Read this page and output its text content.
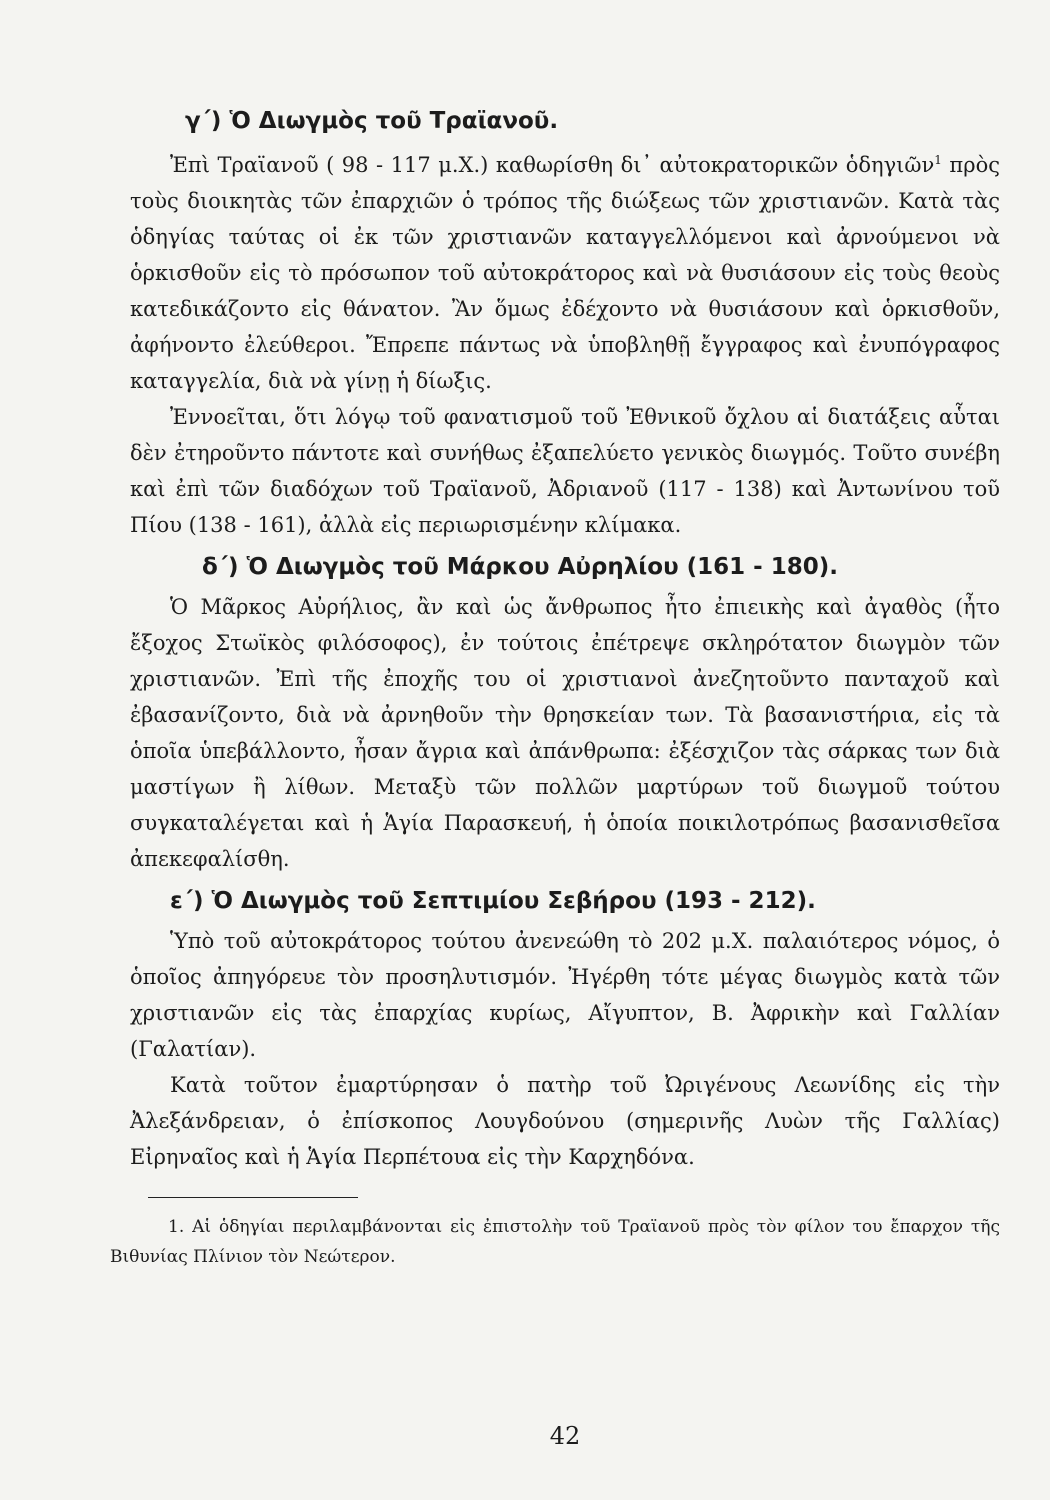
γ΄) Ὁ Διωγμὸς τοῦ Τραϊανοῦ.

Ἐπὶ Τραϊανοῦ ( 98 - 117 μ.Χ.) καθωρίσθη δι᾽ αὐτοκρατορικῶν ὁδηγιῶν$^1$ πρὸς τοὺς διοικητὰς τῶν ἐπαρχιῶν ὁ τρόπος τῆς διώξεως τῶν χριστιανῶν. Κατὰ τὰς ὁδηγίας ταύτας οἱ ἐκ τῶν χριστιανῶν καταγγελλόμενοι καὶ ἀρνούμενοι νὰ ὁρκισθοῦν εἰς τὸ πρόσωπον τοῦ αὐτοκράτορος καὶ νὰ θυσιάσουν εἰς τοὺς θεοὺς κατεδικάζοντο εἰς θάνατον. Ἂν ὅμως ἐδέχοντο νὰ θυσιάσουν καὶ ὁρκισθοῦν, ἀφήνοντο ἐλεύθεροι. Ἔπρεπε πάντως νὰ ὑποβληθῇ ἔγγραφος καὶ ἐνυπόγραφος καταγγελία, διὰ νὰ γίνῃ ἡ δίωξις.

Ἐννοεῖται, ὅτι λόγῳ τοῦ φανατισμοῦ τοῦ Ἐθνικοῦ ὄχλου αἱ διατάξεις αὗται δὲν ἐτηροῦντο πάντοτε καὶ συνήθως ἐξαπελύετο γενικὸς διωγμός. Τοῦτο συνέβη καὶ ἐπὶ τῶν διαδόχων τοῦ Τραϊανοῦ, Ἀδριανοῦ (117 - 138) καὶ Ἀντωνίνου τοῦ Πίου (138 - 161), ἀλλὰ εἰς περιωρισμένην κλίμακα.

δ΄) Ὁ Διωγμὸς τοῦ Μάρκου Αὐρηλίου (161 - 180).

Ὁ Μᾶρκος Αὐρήλιος, ἂν καὶ ὡς ἄνθρωπος ἦτο ἐπιεικὴς καὶ ἀγαθὸς (ἦτο ἔξοχος Στωϊκὸς φιλόσοφος), ἐν τούτοις ἐπέτρεψε σκληρότατον διωγμὸν τῶν χριστιανῶν. Ἐπὶ τῆς ἐποχῆς του οἱ χριστιανοὶ ἀνεζητοῦντο πανταχοῦ καὶ ἐβασανίζοντο, διὰ νὰ ἀρνηθοῦν τὴν θρησκείαν των. Τὰ βασανιστήρια, εἰς τὰ ὁποῖα ὑπεβάλλοντο, ἦσαν ἄγρια καὶ ἀπάνθρωπα: ἐξέσχιζον τὰς σάρκας των διὰ μαστίγων ἢ λίθων. Μεταξὺ τῶν πολλῶν μαρτύρων τοῦ διωγμοῦ τούτου συγκαταλέγεται καὶ ἡ Ἁγία Παρασκευή, ἡ ὁποία ποικιλοτρόπως βασανισθεῖσα ἀπεκεφαλίσθη.

ε΄) Ὁ Διωγμὸς τοῦ Σεπτιμίου Σεβήρου (193 - 212).

Ὑπὸ τοῦ αὐτοκράτορος τούτου ἀνενεώθη τὸ 202 μ.Χ. παλαιότερος νόμος, ὁ ὁποῖος ἀπηγόρευε τὸν προσηλυτισμόν. Ἠγέρθη τότε μέγας διωγμὸς κατὰ τῶν χριστιανῶν εἰς τὰς ἐπαρχίας κυρίως, Αἴγυπτον, Β. Ἀφρικὴν καὶ Γαλλίαν (Γαλατίαν).

Κατὰ τοῦτον ἐμαρτύρησαν ὁ πατὴρ τοῦ Ὠριγένους Λεωνίδης εἰς τὴν Ἀλεξάνδρειαν, ὁ ἐπίσκοπος Λουγδούνου (σημερινῆς Λυὼν τῆς Γαλλίας) Εἰρηναῖος καὶ ἡ Ἁγία Περπέτουα εἰς τὴν Καρχηδόνα.

1. Αἱ ὁδηγίαι περιλαμβάνονται εἰς ἐπιστολὴν τοῦ Τραϊανοῦ πρὸς τὸν φίλον του ἔπαρχον τῆς Βιθυνίας Πλίνιον τὸν Νεώτερον.

42
